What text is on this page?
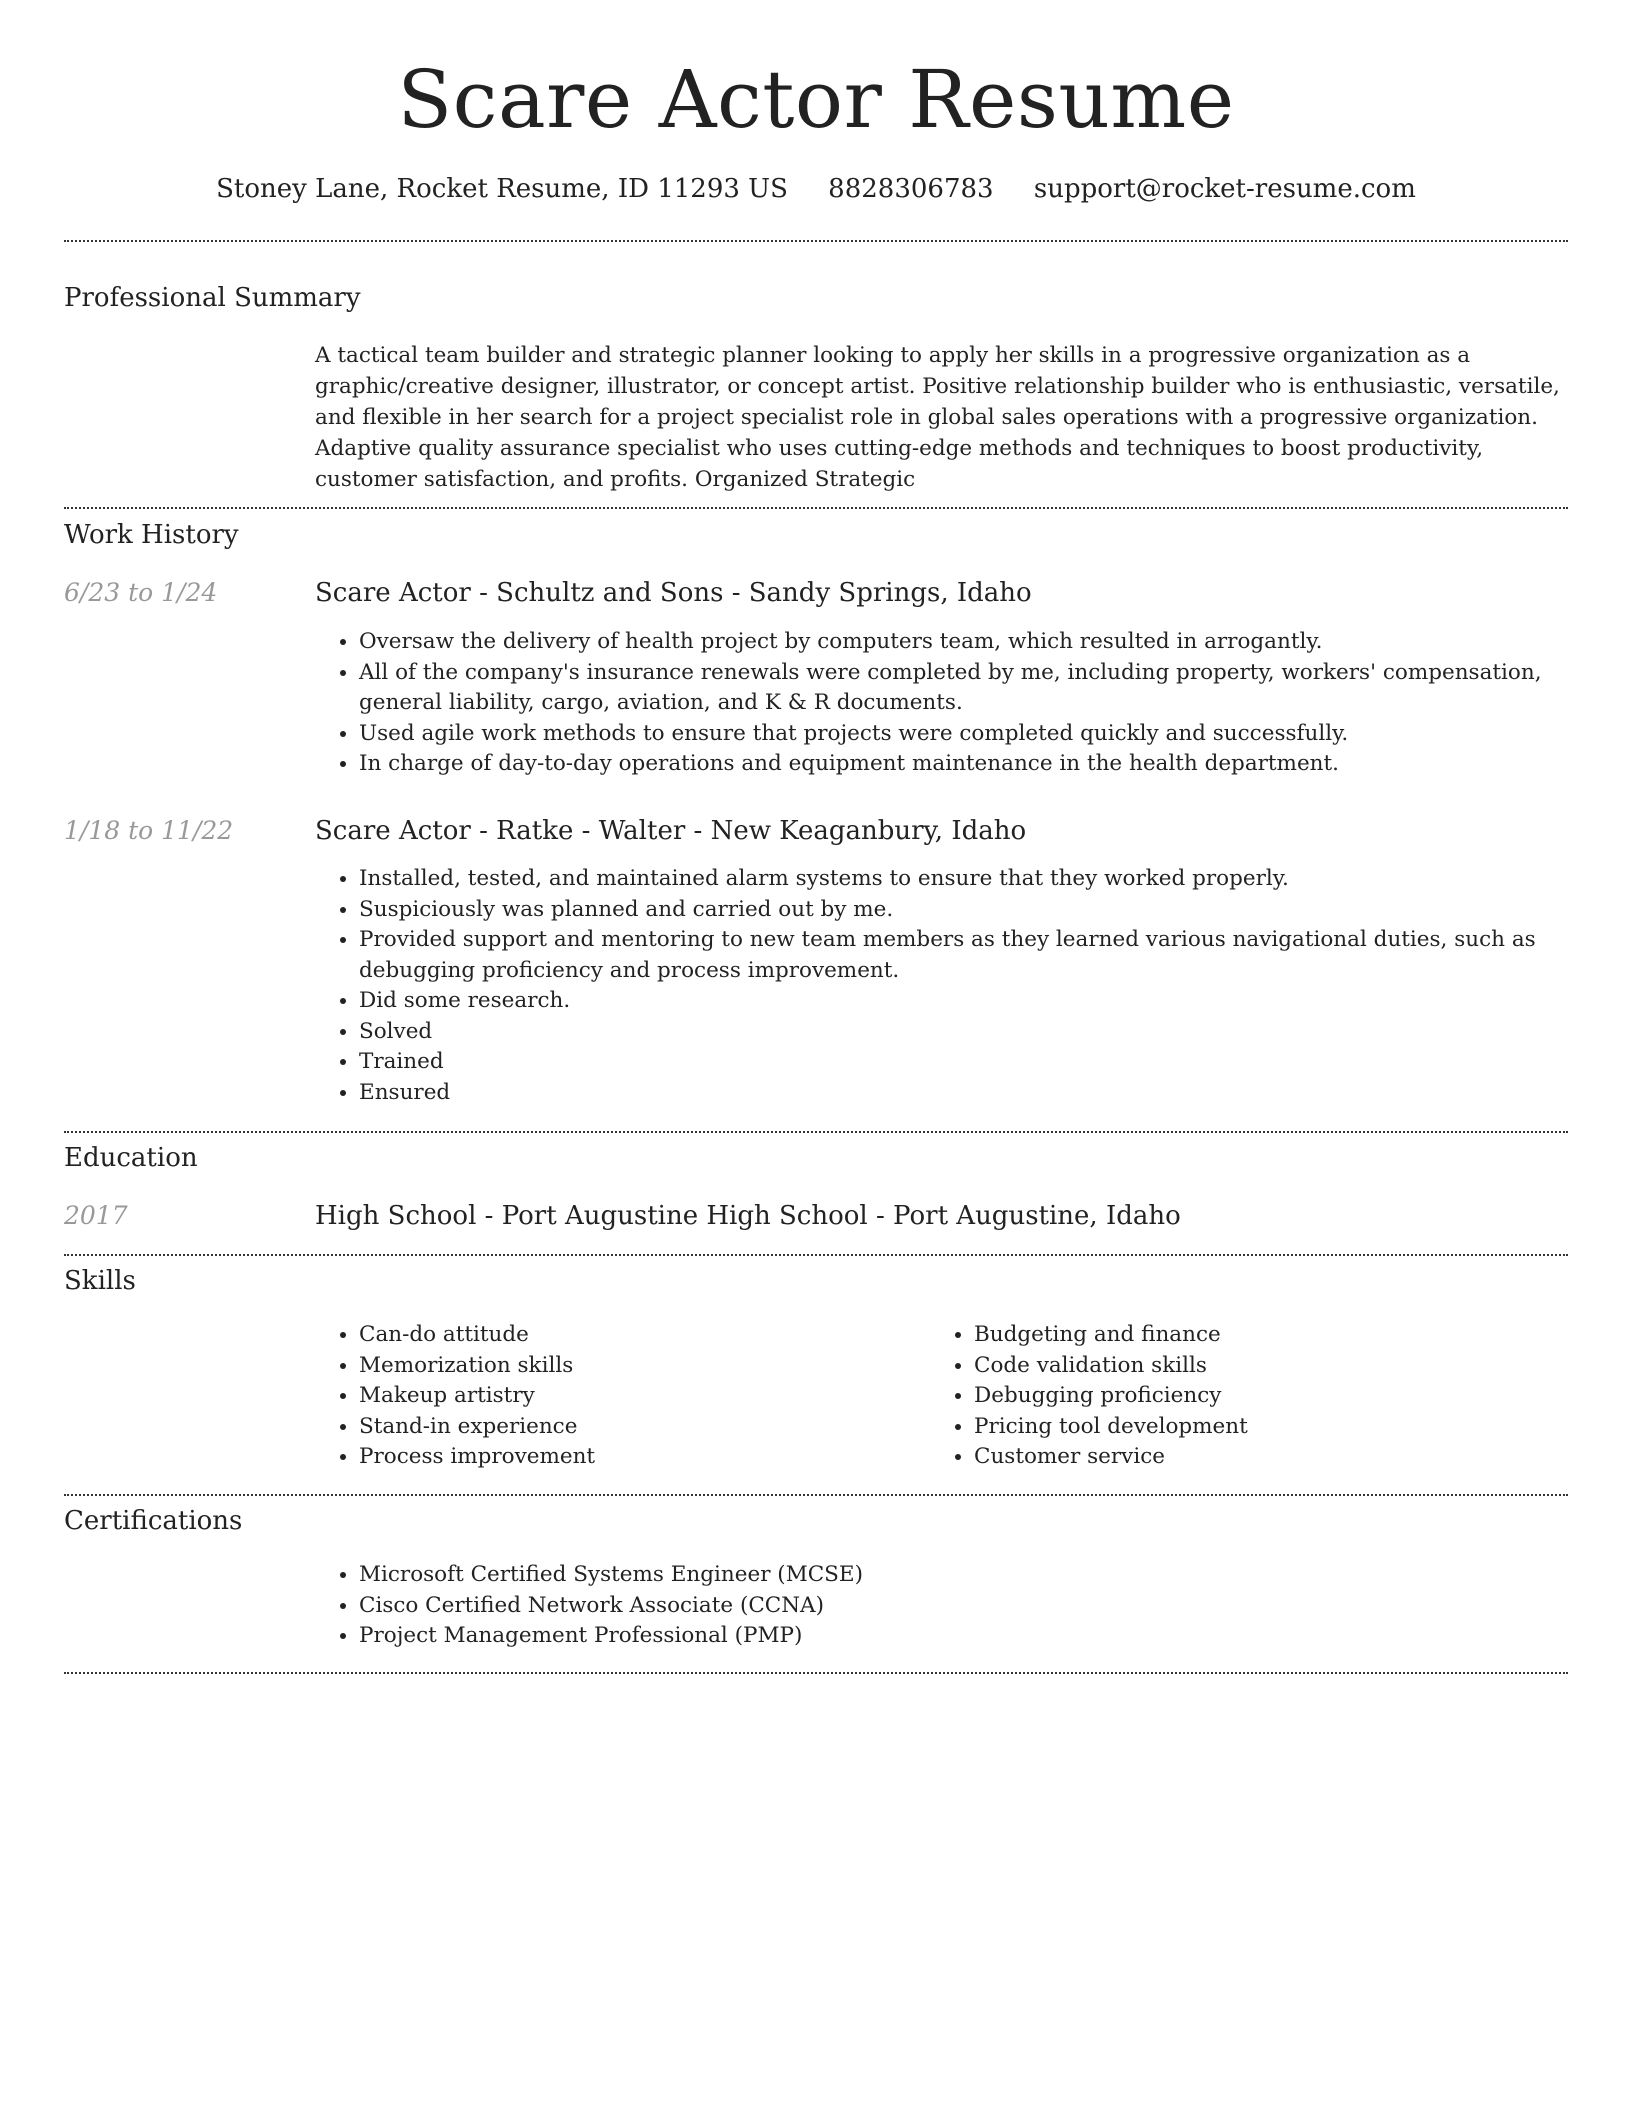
Scare Actor Resume
Stoney Lane, Rocket Resume, ID 11293 US 8828306783 support@rocket-resume.com
Professional Summary

A tactical team builder and strategic planner looking to apply her skills in a progressive organization as a graphic/creative designer, illustrator, or concept artist. Positive relationship builder who is enthusiastic, versatile, and flexible in her search for a project specialist role in global sales operations with a progressive organization. Adaptive quality assurance specialist who uses cutting-edge methods and techniques to boost productivity, customer satisfaction, and profits. Organized Strategic

Work History
6/23 to 1/24	Scare Actor - Schultz and Sons - Sandy Springs, Idaho
• Oversaw the delivery of health project by computers team, which resulted in arrogantly.
• All of the company's insurance renewals were completed by me, including property, workers' compensation, general liability, cargo, aviation, and K & R documents.
• Used agile work methods to ensure that projects were completed quickly and successfully.
• In charge of day-to-day operations and equipment maintenance in the health department.
1/18 to 11/22	Scare Actor - Ratke - Walter - New Keaganbury, Idaho
• Installed, tested, and maintained alarm systems to ensure that they worked properly.
• Suspiciously was planned and carried out by me.
• Provided support and mentoring to new team members as they learned various navigational duties, such as debugging proficiency and process improvement.
• Did some research.
• Solved
• Trained
• Ensured
Education
2017	High School - Port Augustine High School - Port Augustine, Idaho
Skills
• Can-do attitude
• Memorization skills
• Makeup artistry
• Stand-in experience
• Process improvement
• Budgeting and finance
• Code validation skills
• Debugging proficiency
• Pricing tool development
• Customer service
Certifications
• Microsoft Certified Systems Engineer (MCSE)
• Cisco Certified Network Associate (CCNA)
• Project Management Professional (PMP)
